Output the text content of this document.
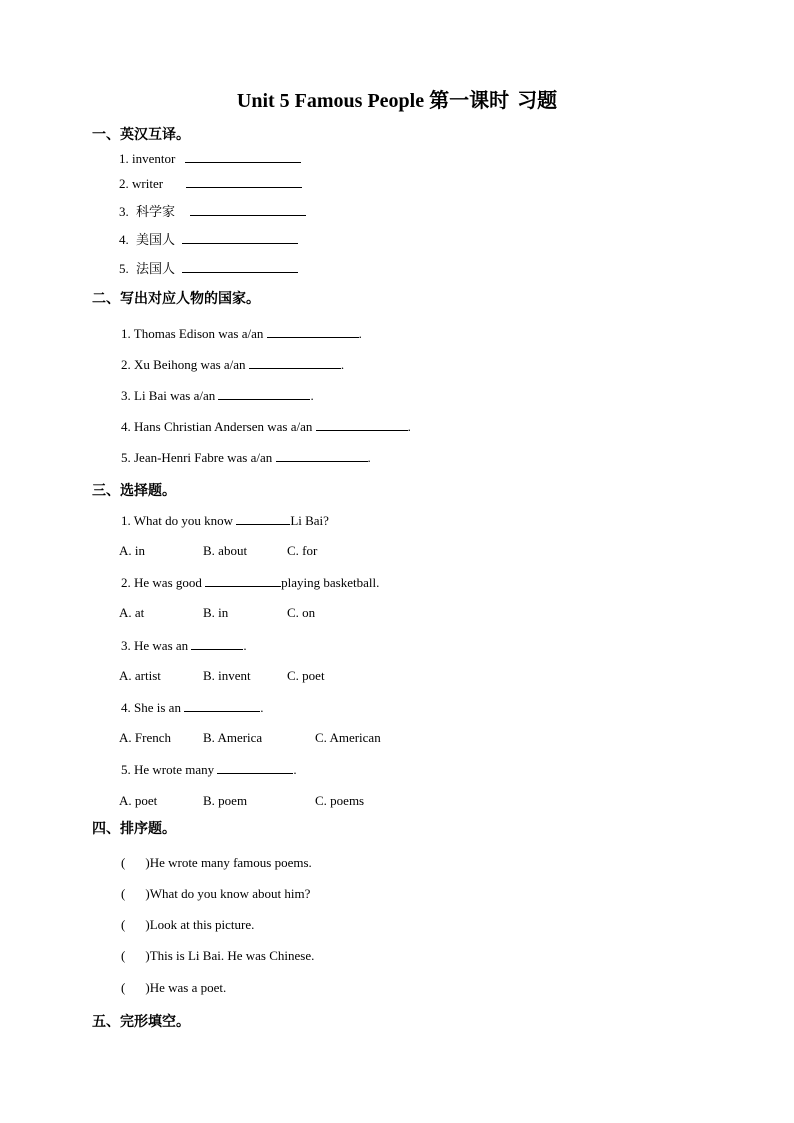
Unit 5 Famous People 第一课时 习题
一、英汉互译。
1. inventor
2. writer
3. 科学家
4. 美国人
5. 法国人
二、写出对应人物的国家。
1. Thomas Edison was a/an	.
2. Xu Beihong was a/an	.
3. Li Bai was a/an	.
4. Hans Christian Andersen was a/an	.
5. Jean-Henri Fabre was a/an	.
三、选择题。
1. What do you know	Li Bai?
A. in	B. about	C. for
2. He was good	playing basketball.
A. at	B. in	C. on
3. He was an	.
A. artist	B. invent	C. poet
4. She is an	.
A. French B. America	C. American
5. He wrote many	.
A. poet	B. poem	C. poems
四、排序题。
( )He wrote many famous poems.
( )What do you know about him?
( )Look at this picture.
( )This is Li Bai. He was Chinese.
( )He was a poet.
五、完形填空。
